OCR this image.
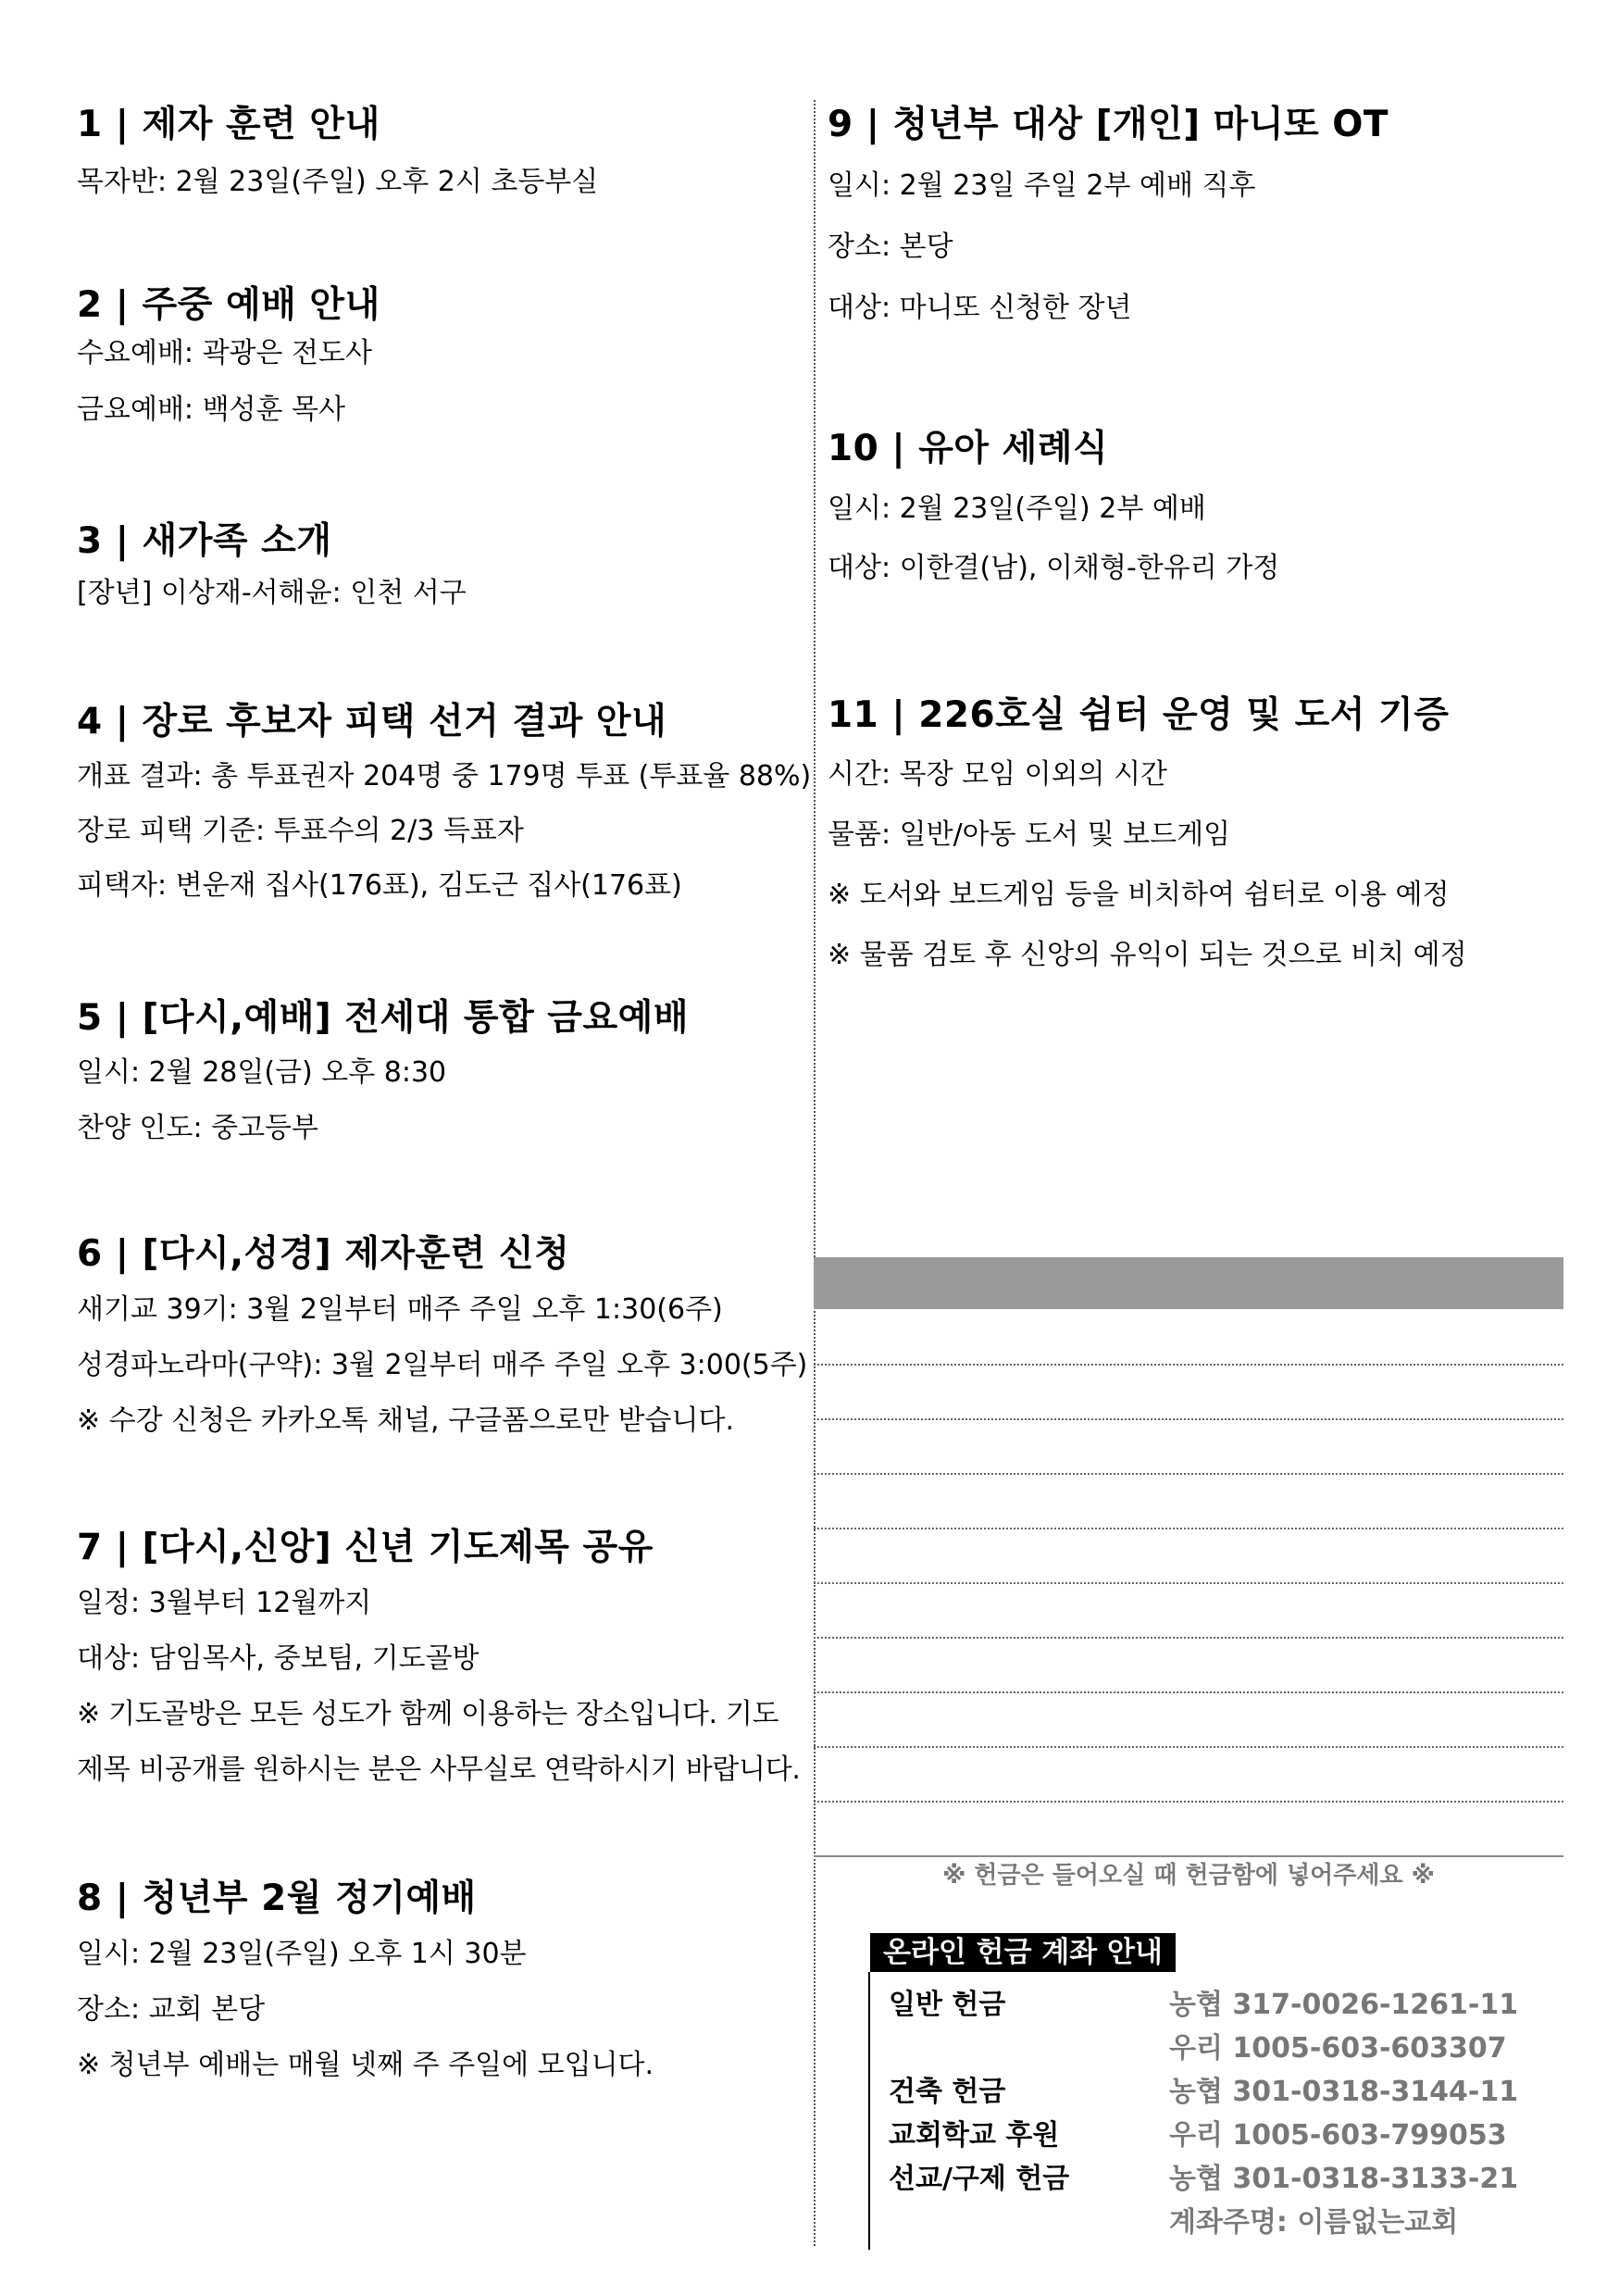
1 | 제자 훈련 안내
목자반: 2월 23일(주일) 오후 2시 초등부실
2 | 주중 예배 안내
수요예배: 곽광은 전도사
금요예배: 백성훈 목사
3 | 새가족 소개
[장년] 이상재-서해윤: 인천 서구
4 | 장로 후보자 피택 선거 결과 안내
개표 결과: 총 투표권자 204명 중 179명 투표 (투표율 88%)
장로 피택 기준: 투표수의 2/3 득표자
피택자: 변운재 집사(176표), 김도근 집사(176표)
5 | [다시,예배] 전세대 통합 금요예배
일시: 2월 28일(금) 오후 8:30
찬양 인도: 중고등부
6 | [다시,성경] 제자훈련 신청
새기교 39기: 3월 2일부터 매주 주일 오후 1:30(6주)
성경파노라마(구약): 3월 2일부터 매주 주일 오후 3:00(5주)
※ 수강 신청은 카카오톡 채널, 구글폼으로만 받습니다.
7 | [다시,신앙] 신년 기도제목 공유
일정: 3월부터 12월까지
대상: 담임목사, 중보팀, 기도골방
※ 기도골방은 모든 성도가 함께 이용하는 장소입니다. 기도
제목 비공개를 원하시는 분은 사무실로 연락하시기 바랍니다.
8 | 청년부 2월 정기예배
일시: 2월 23일(주일) 오후 1시 30분
장소: 교회 본당
※ 청년부 예배는 매월 넷째 주 주일에 모입니다.
9 | 청년부 대상 [개인] 마니또 OT
일시: 2월 23일 주일 2부 예배 직후
장소: 본당
대상: 마니또 신청한 장년
10 | 유아 세례식
일시: 2월 23일(주일) 2부 예배
대상: 이한결(남), 이채형-한유리 가정
11 | 226호실 쉼터 운영 및 도서 기증
시간: 목장 모임 이외의 시간
물품: 일반/아동 도서 및 보드게임
※ 도서와 보드게임 등을 비치하여 쉼터로 이용 예정
※ 물품 검토 후 신앙의 유익이 되는 것으로 비치 예정
※ 헌금은 들어오실 때 헌금함에 넣어주세요 ※
온라인 헌금 계좌 안내
일반 헌금	농협 317-0026-1261-11
우리 1005-603-603307
건축 헌금	농협 301-0318-3144-11
교회학교 후원	우리 1005-603-799053
선교/구제 헌금	농협 301-0318-3133-21
계좌주명: 이름없는교회
